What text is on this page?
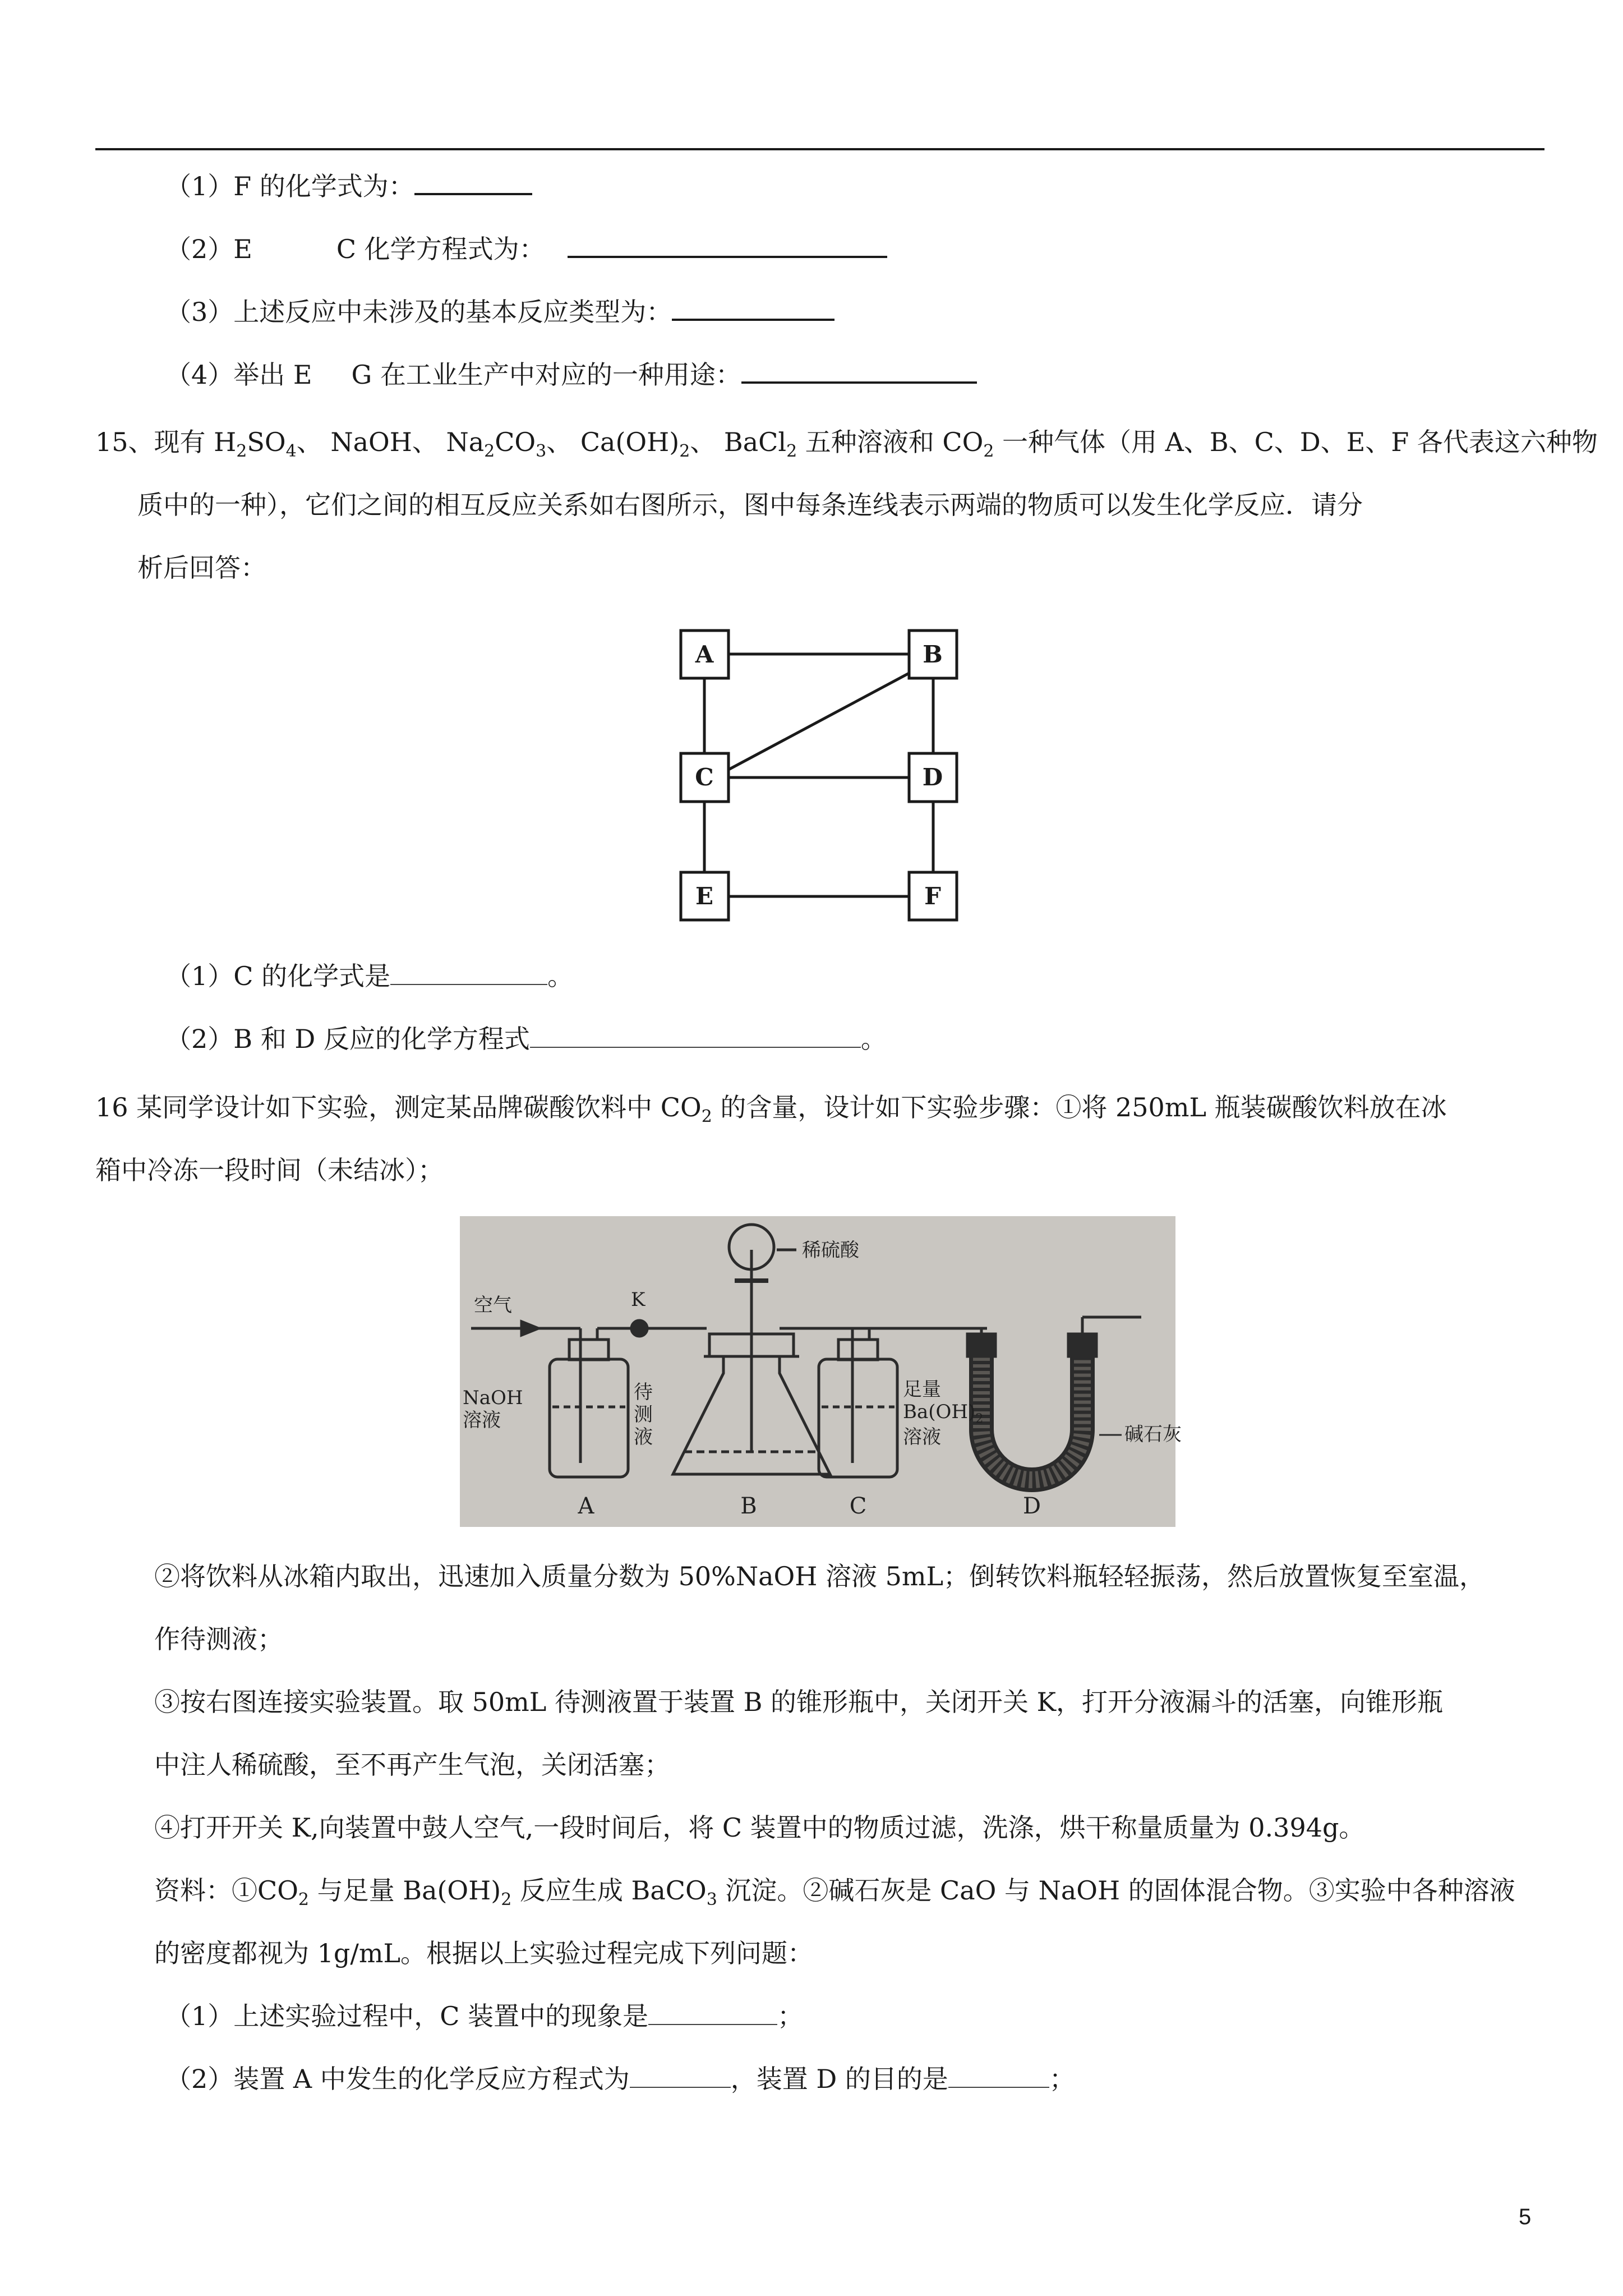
（1）F 的化学式为：
（2）E	C 化学方程式为：
（3）上述反应中未涉及的基本反应类型为：
（4）举出 E G 在工业生产中对应的一种用途：
15、现有 $H_2SO_4$、 NaOH、 $Na_2CO_3$、 $Ca(OH)_2$、 BaCl$_2$ 五种溶液和 $CO_2$ 一种气体（用 A、B、C、D、E、F 各代表这六种物
质中的一种），它们之间的相互反应关系如右图所示，图中每条连线表示两端的物质可以发生化学反应．请分
析后回答：
A	B
C	D
E	F
（1）C 的化学式是	。
（2）B 和 D 反应的化学方程式	。
16 某同学设计如下实验，测定某品牌碳酸饮料中 $CO_2$ 的含量，设计如下实验步骤：①将 250mL 瓶装碳酸饮料放在冰
箱中冷冻一段时间（未结冰）；
空气	K
稀硫酸
NaOH
溶液
待
测
液
足量
$Ba(OH)_2$
溶液	碱石灰
A	B	C	D
②将饮料从冰箱内取出，迅速加入质量分数为 50%NaOH 溶液 5mL；倒转饮料瓶轻轻振荡，然后放置恢复至室温，
作待测液；
③按右图连接实验装置。取 50mL 待测液置于装置 B 的锥形瓶中，关闭开关 K，打开分液漏斗的活塞，向锥形瓶
中注人稀硫酸，至不再产生气泡，关闭活塞；
④打开开关 K,向装置中鼓人空气,一段时间后，将 C 装置中的物质过滤，洗涤，烘干称量质量为 0.394g。
资料：$①CO_2$ 与足量 $Ba(OH)_2$ 反应生成 BaCO$_3$ 沉淀。②碱石灰是 CaO 与 NaOH 的固体混合物。③实验中各种溶液
的密度都视为 1g/mL。根据以上实验过程完成下列问题：
（1）上述实验过程中，C 装置中的现象是	；
（2）装置 A 中发生的化学反应方程式为	，装置 D 的目的是	；
5
